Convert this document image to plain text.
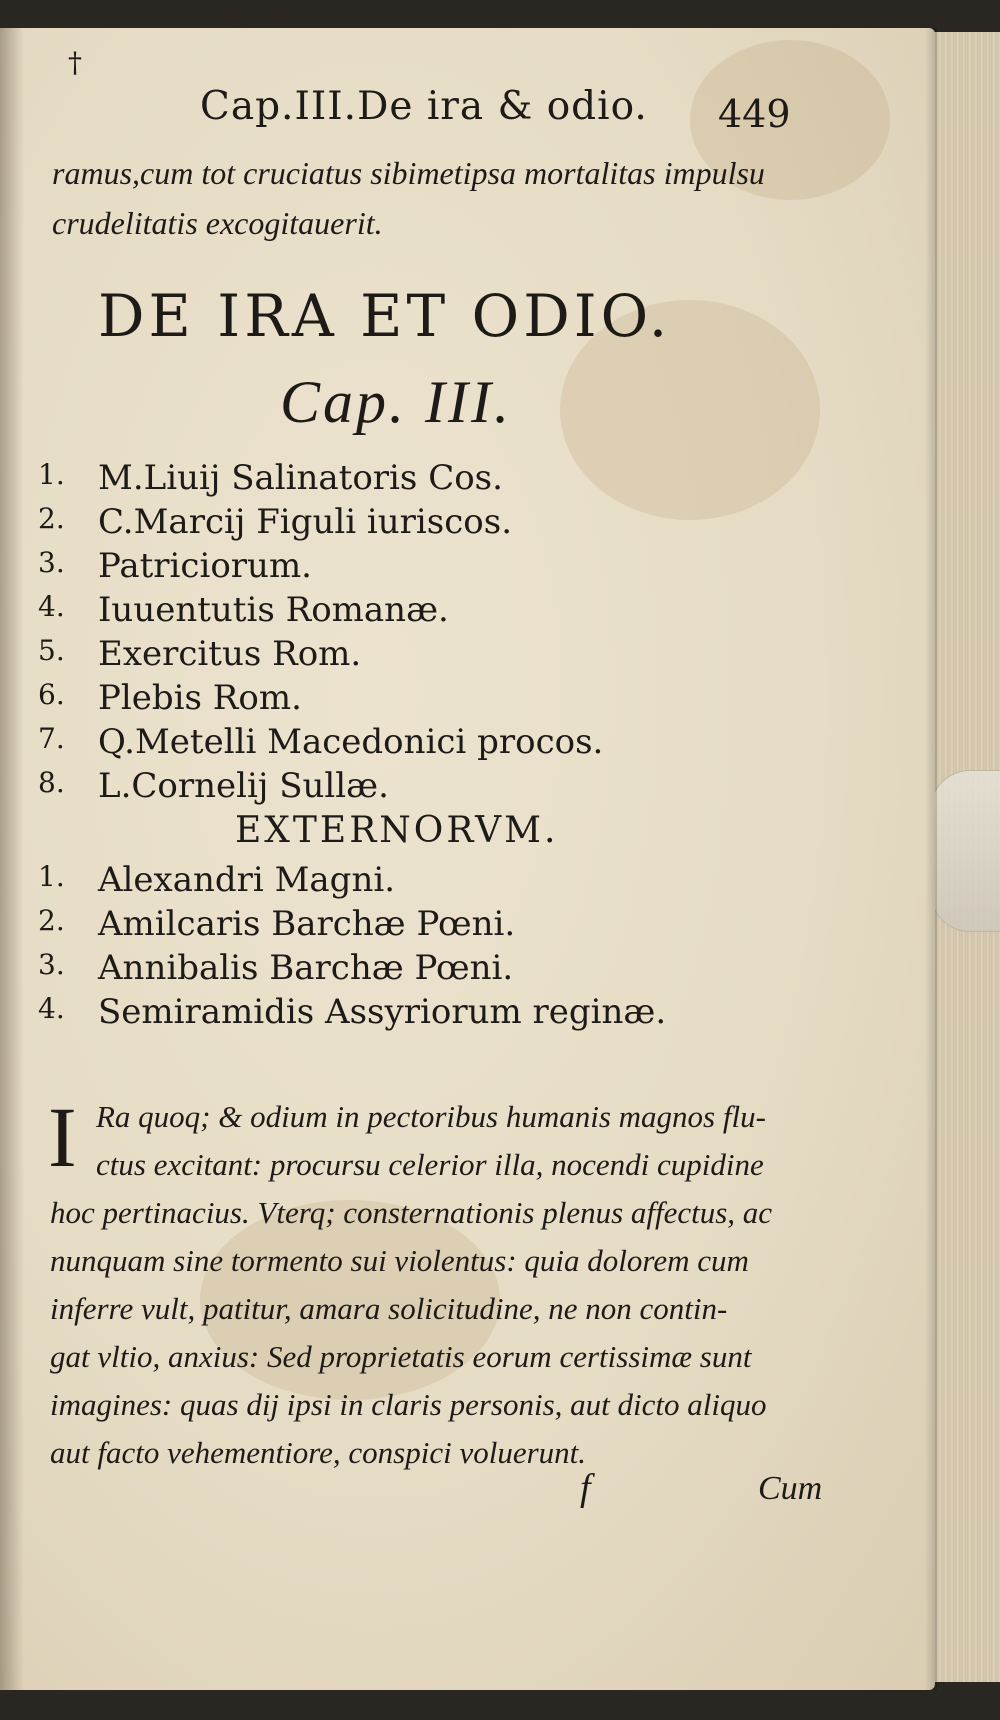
†
Cap.III.De ira & odio. 449
ramus,cum tot cruciatus sibimetipsa mortalitas impulsu
crudelitatis excogitauerit.
DE IRA ET ODIO.
Cap. III.
1. M.Liuij Salinatoris Cos.
2. C.Marcij Figuli iuriscos.
3. Patriciorum.
4. Iuuentutis Romanæ.
5. Exercitus Rom.
6. Plebis Rom.
7. Q.Metelli Macedonici procos.
8. L.Cornelij Sullæ.
EXTERNORVM.
1. Alexandri Magni.
2. Amilcaris Barchæ Pœni.
3. Annibalis Barchæ Pœni.
4. Semiramidis Assyriorum reginæ.
I Ra quoq; & odium in pectoribus humanis magnos flu-
ctus excitant: procursu celerior illa, nocendi cupidine
hoc pertinacius. Vterq; consternationis plenus affectus, ac
nunquam sine tormento sui violentus: quia dolorem cum
inferre vult, patitur, amara solicitudine, ne non contin-
gat vltio, anxius: Sed proprietatis eorum certissimæ sunt
imagines: quas dij ipsi in claris personis, aut dicto aliquo
aut facto vehementiore, conspici voluerunt.
f	Cum
